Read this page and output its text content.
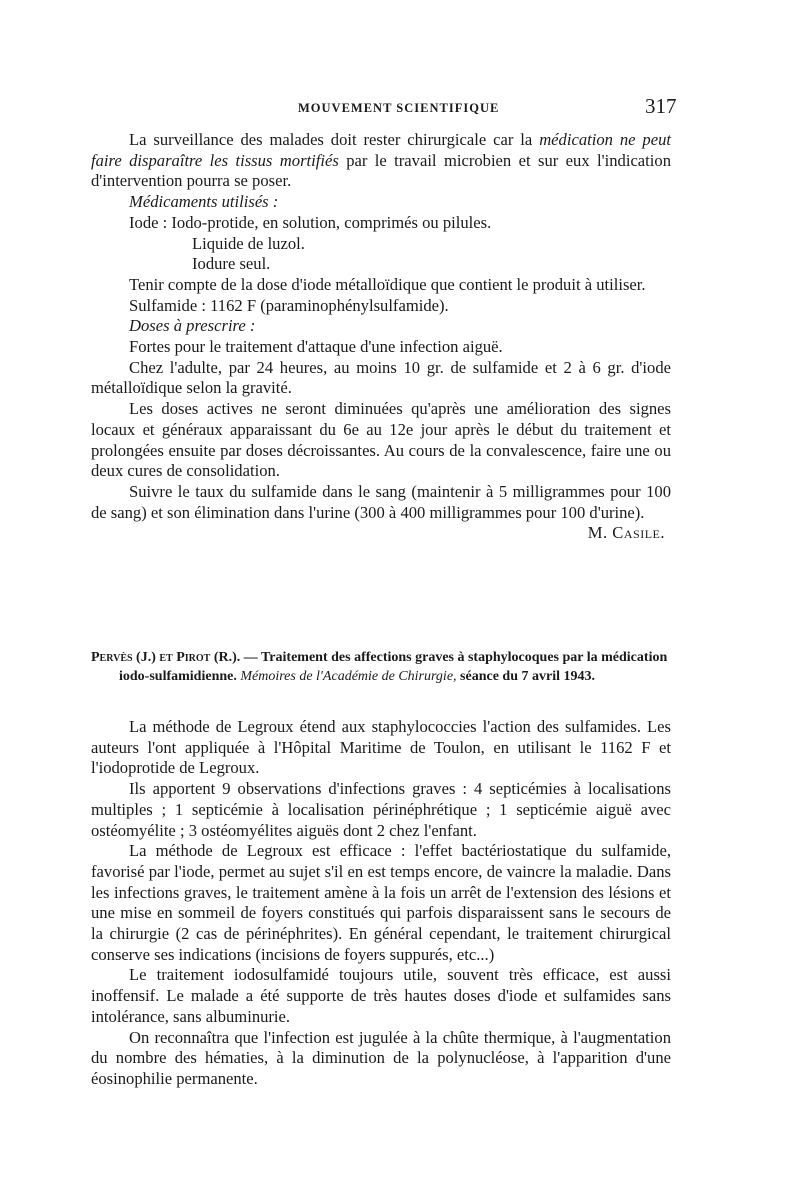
MOUVEMENT SCIENTIFIQUE	317

La surveillance des malades doit rester chirurgicale car la médication ne peut faire disparaître les tissus mortifiés par le travail microbien et sur eux l'indication d'intervention pourra se poser.

Médicaments utilisés :

Iode : Iodo-protide, en solution, comprimés ou pilules.

Liquide de luzol.

Iodure seul.

Tenir compte de la dose d'iode métalloïdique que contient le produit à utiliser.

Sulfamide : 1162 F (paraminophénylsulfamide).

Doses à prescrire :

Fortes pour le traitement d'attaque d'une infection aiguë.

Chez l'adulte, par 24 heures, au moins 10 gr. de sulfamide et 2 à 6 gr. d'iode métalloïdique selon la gravité.

Les doses actives ne seront diminuées qu'après une amélioration des signes locaux et généraux apparaissant du 6e au 12e jour après le début du traitement et prolongées ensuite par doses décroissantes. Au cours de la convalescence, faire une ou deux cures de consolidation.

Suivre le taux du sulfamide dans le sang (maintenir à 5 milligrammes pour 100 de sang) et son élimination dans l'urine (300 à 400 milligrammes pour 100 d'urine).

M. Casile.

Pervès (J.) et Pirot (R.). — Traitement des affections graves à staphylocoques par la médication iodo-sulfamidienne. Mémoires de l'Académie de Chirurgie, séance du 7 avril 1943.

La méthode de Legroux étend aux staphylococcies l'action des sulfamides. Les auteurs l'ont appliquée à l'Hôpital Maritime de Toulon, en utilisant le 1162 F et l'iodoprotide de Legroux.

Ils apportent 9 observations d'infections graves : 4 septicémies à localisations multiples ; 1 septicémie à localisation périnéphrétique ; 1 septicémie aiguë avec ostéomyélite ; 3 ostéomyélites aiguës dont 2 chez l'enfant.

La méthode de Legroux est efficace : l'effet bactériostatique du sulfamide, favorisé par l'iode, permet au sujet s'il en est temps encore, de vaincre la maladie. Dans les infections graves, le traitement amène à la fois un arrêt de l'extension des lésions et une mise en sommeil de foyers constitués qui parfois disparaissent sans le secours de la chirurgie (2 cas de périnéphrites). En général cependant, le traitement chirurgical conserve ses indications (incisions de foyers suppurés, etc...)

Le traitement iodosulfamidé toujours utile, souvent très efficace, est aussi inoffensif. Le malade a été supporte de très hautes doses d'iode et sulfamides sans intolérance, sans albuminurie.

On reconnaîtra que l'infection est jugulée à la chûte thermique, à l'augmentation du nombre des hématies, à la diminution de la polynucléose, à l'apparition d'une éosinophilie permanente.
